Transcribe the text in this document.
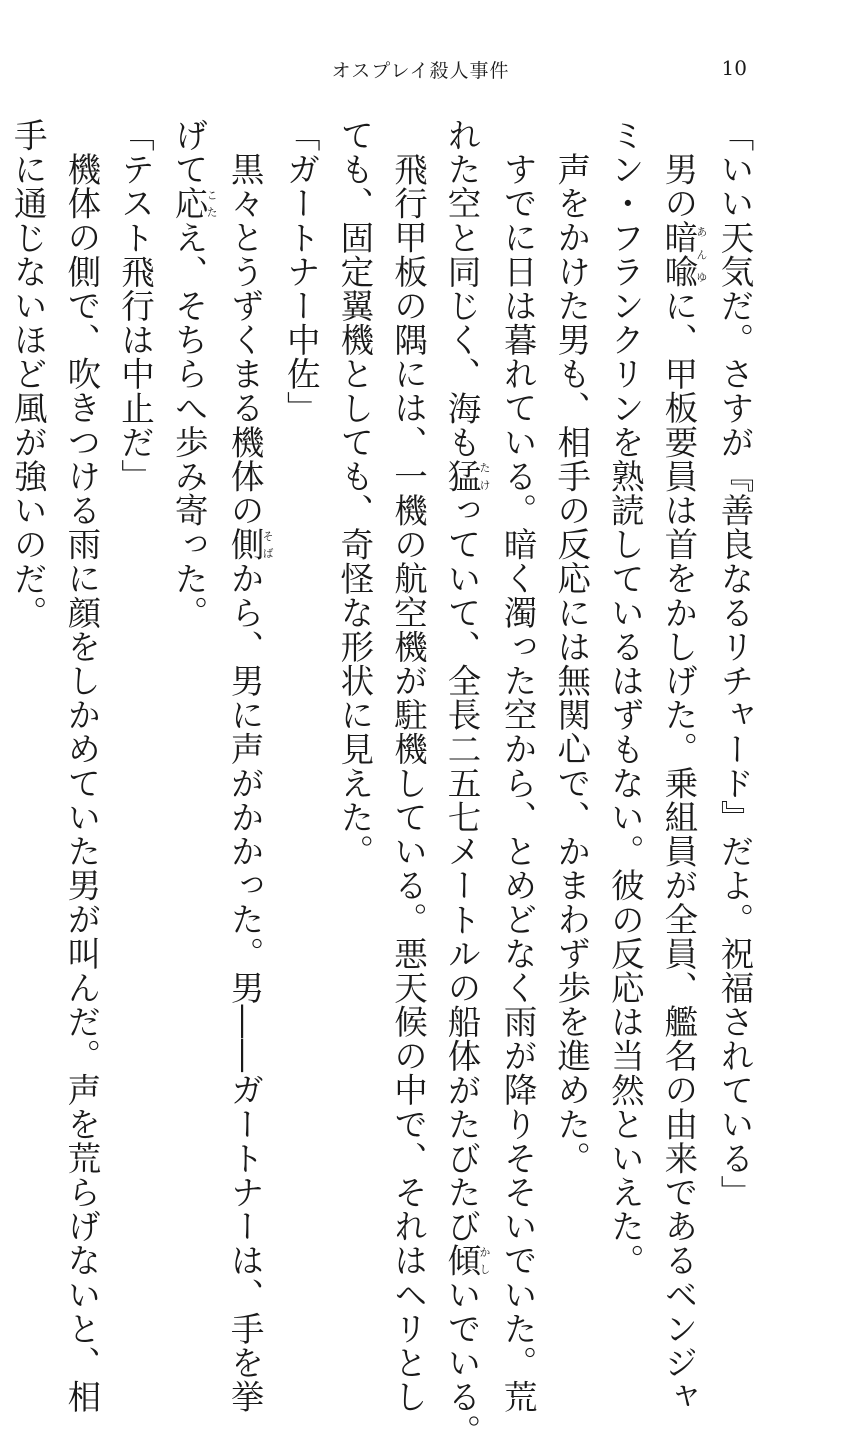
オスプレイ殺人事件	10
「いい天気だ。さすが『善良なるリチャード』だよ。祝福されている」
男の暗喩あんゆに、甲板要員は首をかしげた。乗組員が全員、艦名の由来であるベンジャ
ミン・フランクリンを熟読しているはずもない。彼の反応は当然といえた。
声をかけた男も、相手の反応には無関心で、かまわず歩を進めた。
すでに日は暮れている。暗く濁った空から、とめどなく雨が降りそそいでいた。荒
れた空と同じく、海も猛たけっていて、全長二五七メートルの船体がたびたび傾かしいでいる。
飛行甲板の隅には、一機の航空機が駐機している。悪天候の中で、それはヘリとし
ても、固定翼機としても、奇怪な形状に見えた。
「ガートナー中佐」
黒々とうずくまる機体の側そばから、男に声がかかった。男――ガートナーは、手を挙
げて応こたえ、そちらへ歩み寄った。
「テスト飛行は中止だ」
機体の側で、吹きつける雨に顔をしかめていた男が叫んだ。声を荒らげないと、相
手に通じないほど風が強いのだ。
